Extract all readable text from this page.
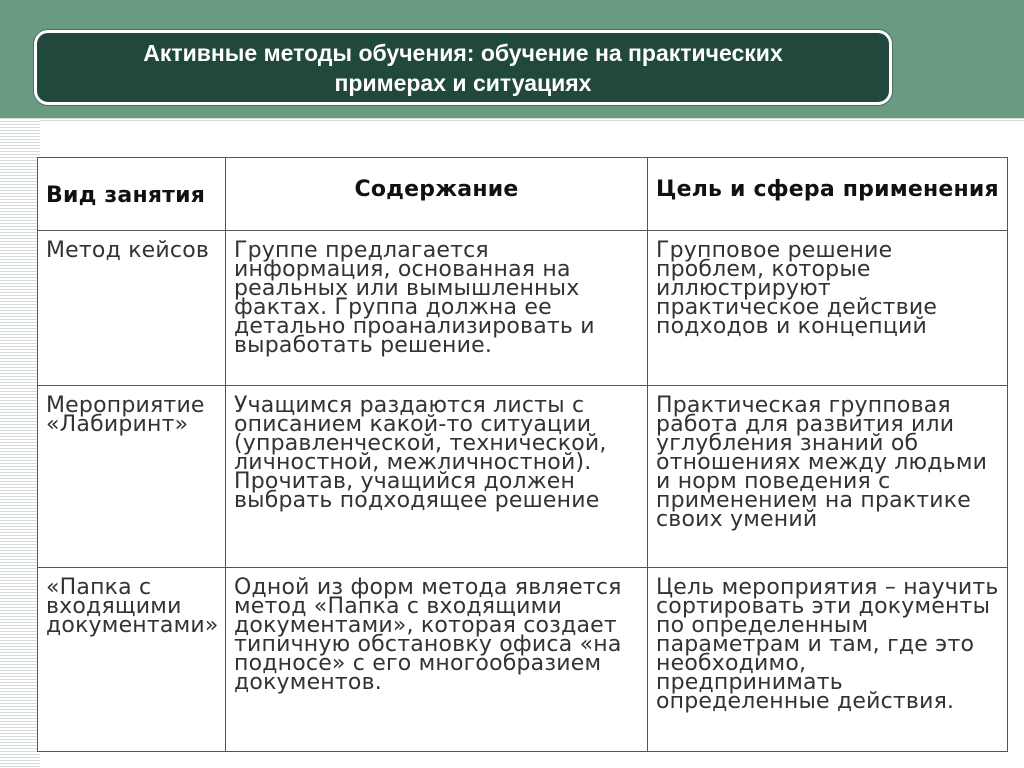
Активные методы обучения: обучение на практических
примерах и ситуациях
Вид занятия	Содержание	Цель и сфера применения
Метод кейсов	Группе предлагается информация, основанная на реальных или вымышленных фактах. Группа должна ее детально проанализировать и выработать решение.	Групповое решение проблем, которые иллюстрируют практическое действие подходов и концепций
Мероприятие «Лабиринт»	Учащимся раздаются листы с описанием какой-то ситуации (управленческой, технической, личностной, межличностной). Прочитав, учащийся должен выбрать подходящее решение	Практическая групповая работа для развития или углубления знаний об отношениях между людьми и норм поведения с применением на практике своих умений
«Папка с входящими документами»	Одной из форм метода является метод «Папка с входящими документами», которая создает типичную обстановку офиса «на подносе» с его многообразием документов.	Цель мероприятия – научить сортировать эти документы по определенным параметрам и там, где это необходимо, предпринимать определенные действия.
